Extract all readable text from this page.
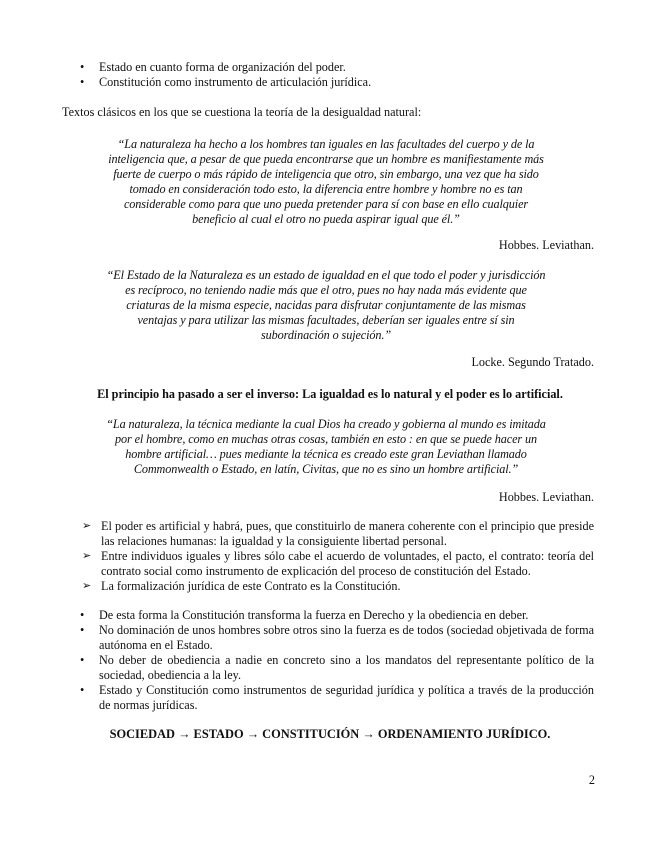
• Estado en cuanto forma de organización del poder.
• Constitución como instrumento de articulación jurídica.
Textos clásicos en los que se cuestiona la teoría de la desigualdad natural:
“La naturaleza ha hecho a los hombres tan iguales en las facultades del cuerpo y de la inteligencia que, a pesar de que pueda encontrarse que un hombre es manifiestamente más fuerte de cuerpo o más rápido de inteligencia que otro, sin embargo, una vez que ha sido tomado en consideración todo esto, la diferencia entre hombre y hombre no es tan considerable como para que uno pueda pretender para sí con base en ello cualquier beneficio al cual el otro no pueda aspirar igual que él.”
Hobbes. Leviathan.
“El Estado de la Naturaleza es un estado de igualdad en el que todo el poder y jurisdicción es recíproco, no teniendo nadie más que el otro, pues no hay nada más evidente que criaturas de la misma especie, nacidas para disfrutar conjuntamente de las mismas ventajas y para utilizar las mismas facultades, deberían ser iguales entre sí sin subordinación o sujeción.”
Locke. Segundo Tratado.
El principio ha pasado a ser el inverso: La igualdad es lo natural y el poder es lo artificial.
“La naturaleza, la técnica mediante la cual Dios ha creado y gobierna al mundo es imitada por el hombre, como en muchas otras cosas, también en esto : en que se puede hacer un hombre artificial… pues mediante la técnica es creado este gran Leviathan llamado Commonwealth o Estado, en latín, Civitas, que no es sino un hombre artificial.”
Hobbes. Leviathan.
➢ El poder es artificial y habrá, pues, que constituirlo de manera coherente con el principio que preside las relaciones humanas: la igualdad y la consiguiente libertad personal.
➢ Entre individuos iguales y libres sólo cabe el acuerdo de voluntades, el pacto, el contrato: teoría del contrato social como instrumento de explicación del proceso de constitución del Estado.
➢ La formalización jurídica de este Contrato es la Constitución.
• De esta forma la Constitución transforma la fuerza en Derecho y la obediencia en deber.
• No dominación de unos hombres sobre otros sino la fuerza es de todos (sociedad objetivada de forma autónoma en el Estado.
• No deber de obediencia a nadie en concreto sino a los mandatos del representante político de la sociedad, obediencia a la ley.
• Estado y Constitución como instrumentos de seguridad jurídica y política a través de la producción de normas jurídicas.
SOCIEDAD → ESTADO → CONSTITUCIÓN → ORDENAMIENTO JURÍDICO.
2
